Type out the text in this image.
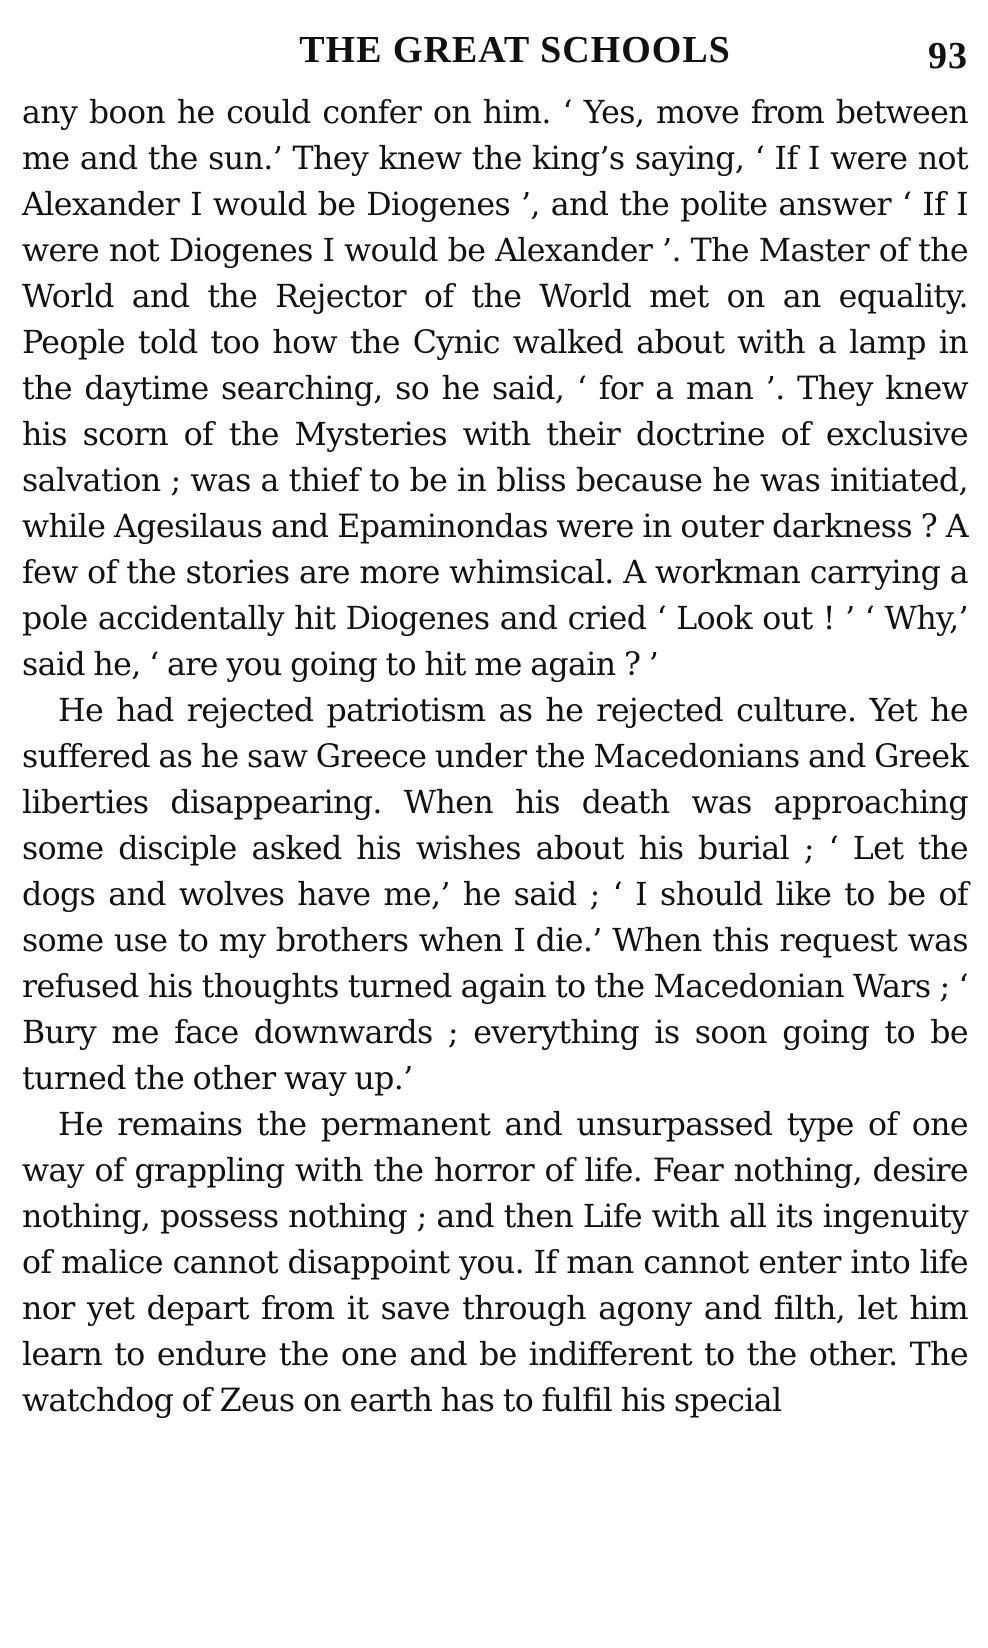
THE GREAT SCHOOLS	93

any boon he could confer on him. ‘ Yes, move from between me and the sun.’ They knew the king’s saying, ‘ If I were not Alexander I would be Diogenes ’, and the polite answer ‘ If I were not Diogenes I would be Alexander ’. The Master of the World and the Rejector of the World met on an equality. People told too how the Cynic walked about with a lamp in the daytime searching, so he said, ‘ for a man ’. They knew his scorn of the Mysteries with their doctrine of exclusive salvation ; was a thief to be in bliss because he was initiated, while Agesilaus and Epaminondas were in outer darkness ? A few of the stories are more whimsical. A workman carrying a pole accidentally hit Diogenes and cried ‘ Look out ! ’ ‘ Why,’ said he, ‘ are you going to hit me again ? ’

He had rejected patriotism as he rejected culture. Yet he suffered as he saw Greece under the Macedonians and Greek liberties disappearing. When his death was approaching some disciple asked his wishes about his burial ; ‘ Let the dogs and wolves have me,’ he said ; ‘ I should like to be of some use to my brothers when I die.’ When this request was refused his thoughts turned again to the Macedonian Wars ; ‘ Bury me face downwards ; everything is soon going to be turned the other way up.’

He remains the permanent and unsurpassed type of one way of grappling with the horror of life. Fear nothing, desire nothing, possess nothing ; and then Life with all its ingenuity of malice cannot disappoint you. If man cannot enter into life nor yet depart from it save through agony and filth, let him learn to endure the one and be indifferent to the other. The watchdog of Zeus on earth has to fulfil his special
